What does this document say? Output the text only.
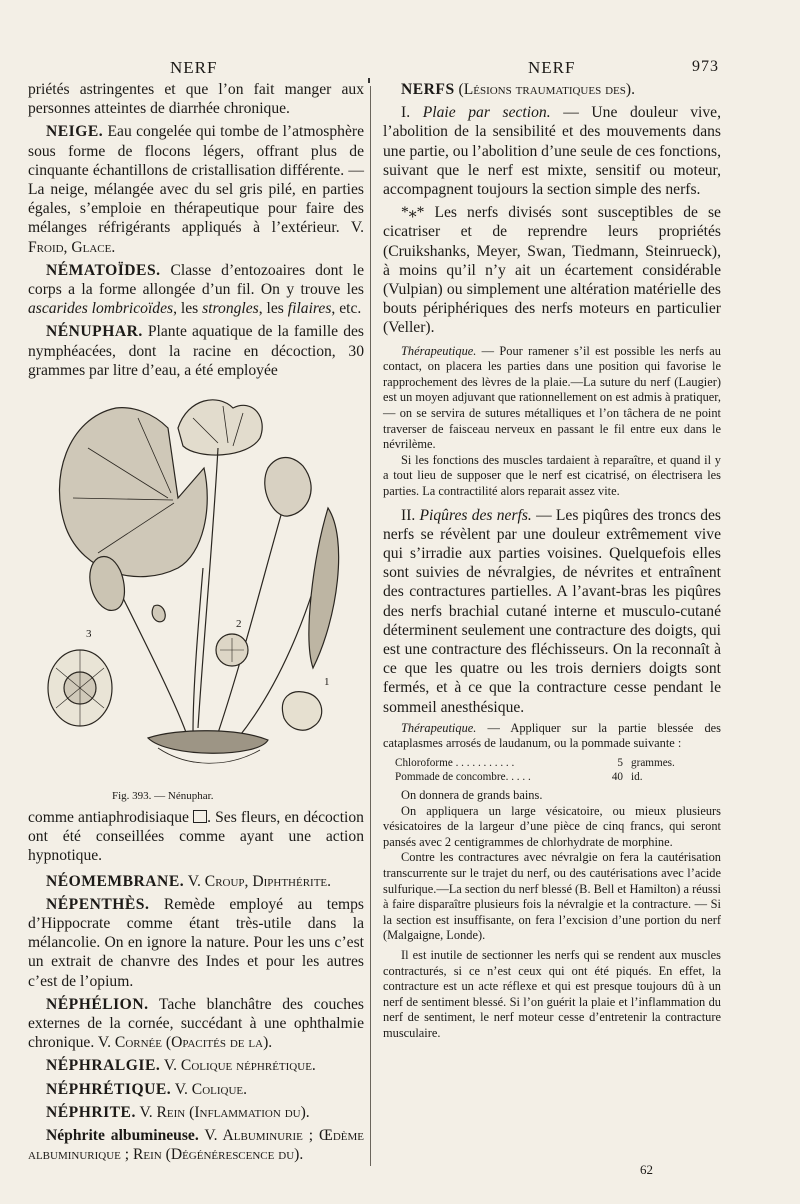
NERF	NERF	973

priétés astringentes et que l’on fait manger aux personnes atteintes de diarrhée chronique.

NEIGE. Eau congelée qui tombe de l’atmosphère sous forme de flocons légers, offrant plus de cinquante échantillons de cristallisation différente. — La neige, mélangée avec du sel gris pilé, en parties égales, s’emploie en thérapeutique pour faire des mélanges réfrigérants appliqués à l’extérieur. V. Froid, Glace.

NÉMATOÏDES. Classe d’entozoaires dont le corps a la forme allongée d’un fil. On y trouve les ascarides lombricoïdes, les strongles, les filaires, etc.

NÉNUPHAR. Plante aquatique de la famille des nymphéacées, dont la racine en décoction, 30 grammes par litre d’eau, a été employée

2
3
1
Fig. 393. — Nénuphar.

comme antiaphrodisiaque . Ses fleurs, en décoction ont été conseillées comme ayant une action hypnotique.

NÉOMEMBRANE. V. Croup, Diphthérite.

NÉPENTHÈS. Remède employé au temps d’Hippocrate comme étant très-utile dans la mélancolie. On en ignore la nature. Pour les uns c’est un extrait de chanvre des Indes et pour les autres c’est de l’opium.

NÉPHÉLION. Tache blanchâtre des couches externes de la cornée, succédant à une ophthalmie chronique. V. Cornée (Opacités de la).

NÉPHRALGIE. V. Colique néphrétique.

NÉPHRÉTIQUE. V. Colique.

NÉPHRITE. V. Rein (Inflammation du).

Néphrite albumineuse. V. Albuminurie ; Œdème albuminurique ; Rein (Dégénérescence du).

NERFS (Lésions traumatiques des).

I. Plaie par section. — Une douleur vive, l’abolition de la sensibilité et des mouvements dans une partie, ou l’abolition d’une seule de ces fonctions, suivant que le nerf est mixte, sensitif ou moteur, accompagnent toujours la section simple des nerfs.

*⁎* Les nerfs divisés sont susceptibles de se cicatriser et de reprendre leurs propriétés (Cruikshanks, Meyer, Swan, Tiedmann, Steinrueck), à moins qu’il n’y ait un écartement considérable (Vulpian) ou simplement une altération matérielle des bouts périphériques des nerfs moteurs en particulier (Veller).

Thérapeutique. — Pour ramener s’il est possible les nerfs au contact, on placera les parties dans une position qui favorise le rapprochement des lèvres de la plaie.—La suture du nerf (Laugier) est un moyen adjuvant que rationnellement on est admis à pratiquer, — on se servira de sutures métalliques et l’on tâchera de ne point traverser de faisceau nerveux en passant le fil entre eux dans le névrilème.

Si les fonctions des muscles tardaient à reparaître, et quand il y a tout lieu de supposer que le nerf est cicatrisé, on électrisera les parties. La contractilité alors reparait assez vite.

II. Piqûres des nerfs. — Les piqûres des troncs des nerfs se révèlent par une douleur extrêmement vive qui s’irradie aux parties voisines. Quelquefois elles sont suivies de névralgies, de névrites et entraînent des contractures partielles. A l’avant-bras les piqûres des nerfs brachial cutané interne et musculo-cutané déterminent seulement une contracture des doigts, qui est une contracture des fléchisseurs. On la reconnaît à ce que les quatre ou les trois derniers doigts sont fermés, et à ce que la contracture cesse pendant le sommeil anesthésique.

Thérapeutique. — Appliquer sur la partie blessée des cataplasmes arrosés de laudanum, ou la pommade suivante :

Chloroforme . . . . . . . . . . .	5 grammes.
Pommade de concombre. . . . .	40 id.

On donnera de grands bains.

On appliquera un large vésicatoire, ou mieux plusieurs vésicatoires de la largeur d’une pièce de cinq francs, qui seront pansés avec 2 centigrammes de chlorhydrate de morphine.

Contre les contractures avec névralgie on fera la cautérisation transcurrente sur le trajet du nerf, ou des cautérisations avec l’acide sulfurique.—La section du nerf blessé (B. Bell et Hamilton) a réussi à faire disparaître plusieurs fois la névralgie et la contracture. — Si la section est insuffisante, on fera l’excision d’une portion du nerf (Malgaigne, Londe).

Il est inutile de sectionner les nerfs qui se rendent aux muscles contracturés, si ce n’est ceux qui ont été piqués. En effet, la contracture est un acte réflexe et qui est presque toujours dû à un nerf de sentiment blessé. Si l’on guérit la plaie et l’inflammation du nerf de sentiment, le nerf moteur cesse d’entretenir la contracture musculaire.

62
